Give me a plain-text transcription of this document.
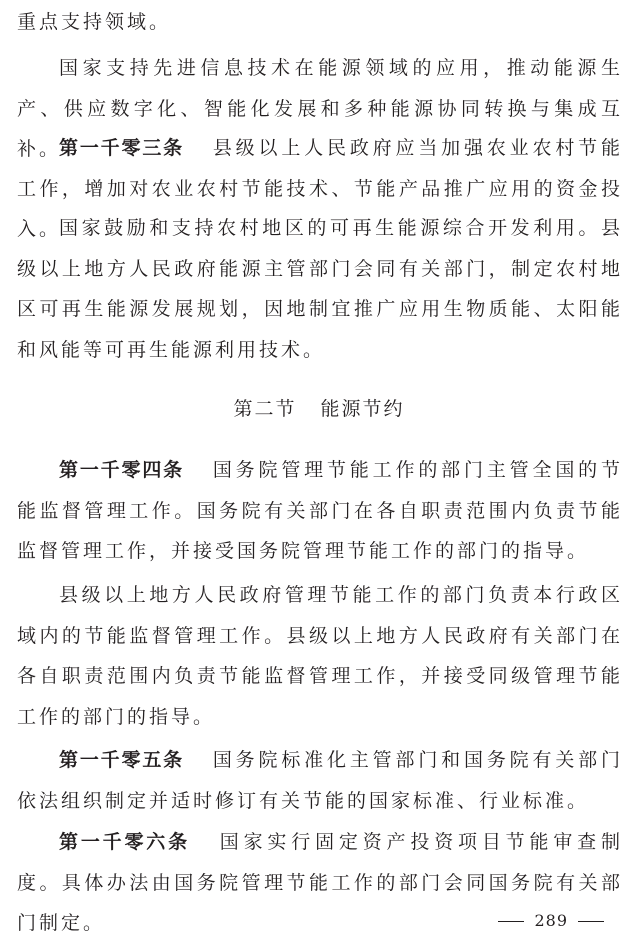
重点支持领域。

国家支持先进信息技术在能源领域的应用，推动能源生产、供应数字化、智能化发展和多种能源协同转换与集成互补。

第一千零三条 县级以上人民政府应当加强农业农村节能工作，增加对农业农村节能技术、节能产品推广应用的资金投入。

国家鼓励和支持农村地区的可再生能源综合开发利用。县级以上地方人民政府能源主管部门会同有关部门，制定农村地区可再生能源发展规划，因地制宜推广应用生物质能、太阳能和风能等可再生能源利用技术。

第二节 能源节约

第一千零四条 国务院管理节能工作的部门主管全国的节能监督管理工作。国务院有关部门在各自职责范围内负责节能监督管理工作，并接受国务院管理节能工作的部门的指导。

县级以上地方人民政府管理节能工作的部门负责本行政区域内的节能监督管理工作。县级以上地方人民政府有关部门在各自职责范围内负责节能监督管理工作，并接受同级管理节能工作的部门的指导。

第一千零五条 国务院标准化主管部门和国务院有关部门依法组织制定并适时修订有关节能的国家标准、行业标准。

第一千零六条 国家实行固定资产投资项目节能审查制度。具体办法由国务院管理节能工作的部门会同国务院有关部门制定。	289
